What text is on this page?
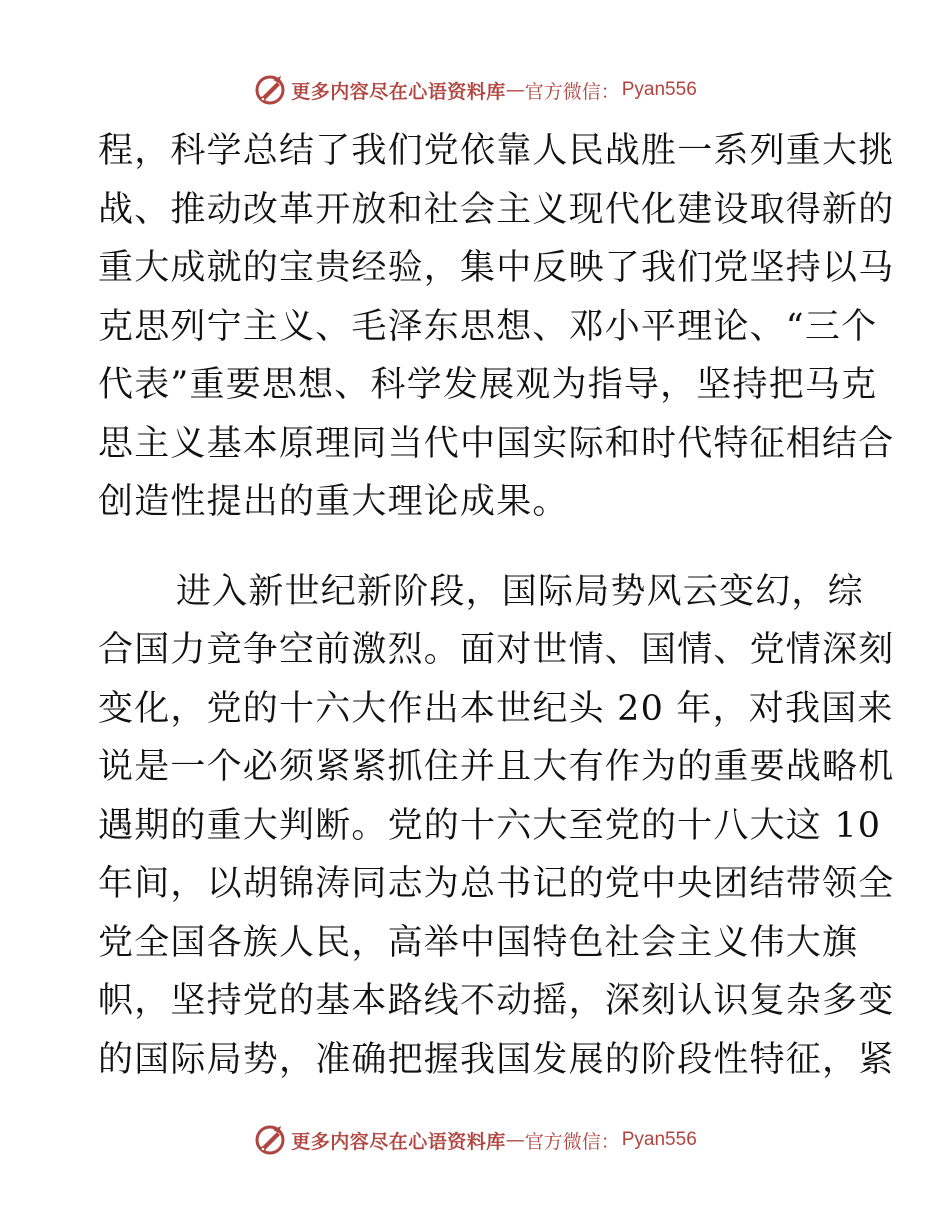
更多内容尽在心语资料库 — 官方微信： Pyan556
程，科学总结了我们党依靠人民战胜一系列重大挑
战、推动改革开放和社会主义现代化建设取得新的
重大成就的宝贵经验，集中反映了我们党坚持以马
克思列宁主义、毛泽东思想、邓小平理论、“三个
代表”重要思想、科学发展观为指导，坚持把马克
思主义基本原理同当代中国实际和时代特征相结合
创造性提出的重大理论成果。
进入新世纪新阶段，国际局势风云变幻，综
合国力竞争空前激烈。面对世情、国情、党情深刻
变化，党的十六大作出本世纪头 20 年，对我国来
说是一个必须紧紧抓住并且大有作为的重要战略机
遇期的重大判断。党的十六大至党的十八大这 10
年间，以胡锦涛同志为总书记的党中央团结带领全
党全国各族人民，高举中国特色社会主义伟大旗
帜，坚持党的基本路线不动摇，深刻认识复杂多变
的国际局势，准确把握我国发展的阶段性特征，紧
更多内容尽在心语资料库 — 官方微信： Pyan556
